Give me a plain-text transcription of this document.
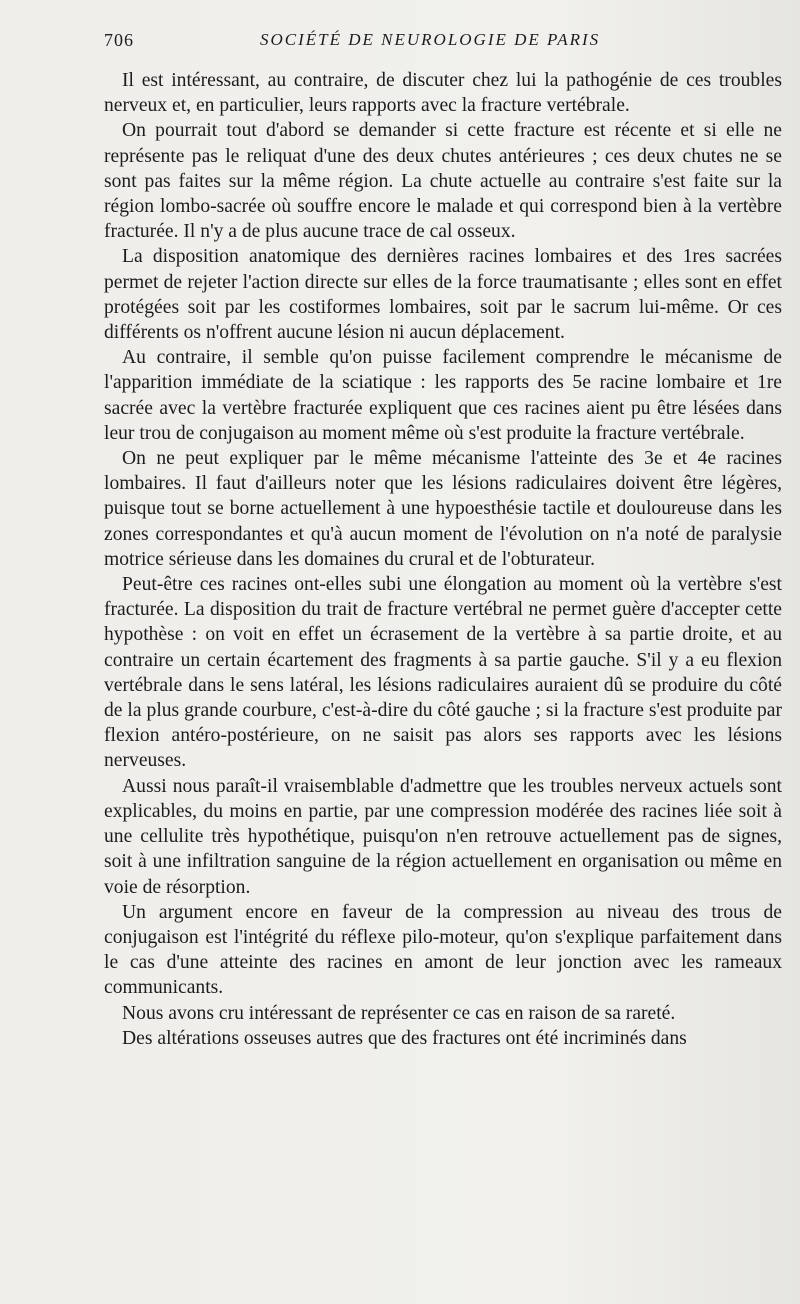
706	SOCIÉTÉ DE NEUROLOGIE DE PARIS

Il est intéressant, au contraire, de discuter chez lui la pathogénie de ces troubles nerveux et, en particulier, leurs rapports avec la fracture vertébrale.

On pourrait tout d'abord se demander si cette fracture est récente et si elle ne représente pas le reliquat d'une des deux chutes antérieures ; ces deux chutes ne se sont pas faites sur la même région. La chute actuelle au contraire s'est faite sur la région lombo-sacrée où souffre encore le malade et qui correspond bien à la vertèbre fracturée. Il n'y a de plus aucune trace de cal osseux.

La disposition anatomique des dernières racines lombaires et des 1res sacrées permet de rejeter l'action directe sur elles de la force traumatisante ; elles sont en effet protégées soit par les costiformes lombaires, soit par le sacrum lui-même. Or ces différents os n'offrent aucune lésion ni aucun déplacement.

Au contraire, il semble qu'on puisse facilement comprendre le mécanisme de l'apparition immédiate de la sciatique : les rapports des 5e racine lombaire et 1re sacrée avec la vertèbre fracturée expliquent que ces racines aient pu être lésées dans leur trou de conjugaison au moment même où s'est produite la fracture vertébrale.

On ne peut expliquer par le même mécanisme l'atteinte des 3e et 4e racines lombaires. Il faut d'ailleurs noter que les lésions radiculaires doivent être légères, puisque tout se borne actuellement à une hypoesthésie tactile et douloureuse dans les zones correspondantes et qu'à aucun moment de l'évolution on n'a noté de paralysie motrice sérieuse dans les domaines du crural et de l'obturateur.

Peut-être ces racines ont-elles subi une élongation au moment où la vertèbre s'est fracturée. La disposition du trait de fracture vertébral ne permet guère d'accepter cette hypothèse : on voit en effet un écrasement de la vertèbre à sa partie droite, et au contraire un certain écartement des fragments à sa partie gauche. S'il y a eu flexion vertébrale dans le sens latéral, les lésions radiculaires auraient dû se produire du côté de la plus grande courbure, c'est-à-dire du côté gauche ; si la fracture s'est produite par flexion antéro-postérieure, on ne saisit pas alors ses rapports avec les lésions nerveuses.

Aussi nous paraît-il vraisemblable d'admettre que les troubles nerveux actuels sont explicables, du moins en partie, par une compression modérée des racines liée soit à une cellulite très hypothétique, puisqu'on n'en retrouve actuellement pas de signes, soit à une infiltration sanguine de la région actuellement en organisation ou même en voie de résorption.

Un argument encore en faveur de la compression au niveau des trous de conjugaison est l'intégrité du réflexe pilo-moteur, qu'on s'explique parfaitement dans le cas d'une atteinte des racines en amont de leur jonction avec les rameaux communicants.

Nous avons cru intéressant de représenter ce cas en raison de sa rareté.

Des altérations osseuses autres que des fractures ont été incriminés dans
